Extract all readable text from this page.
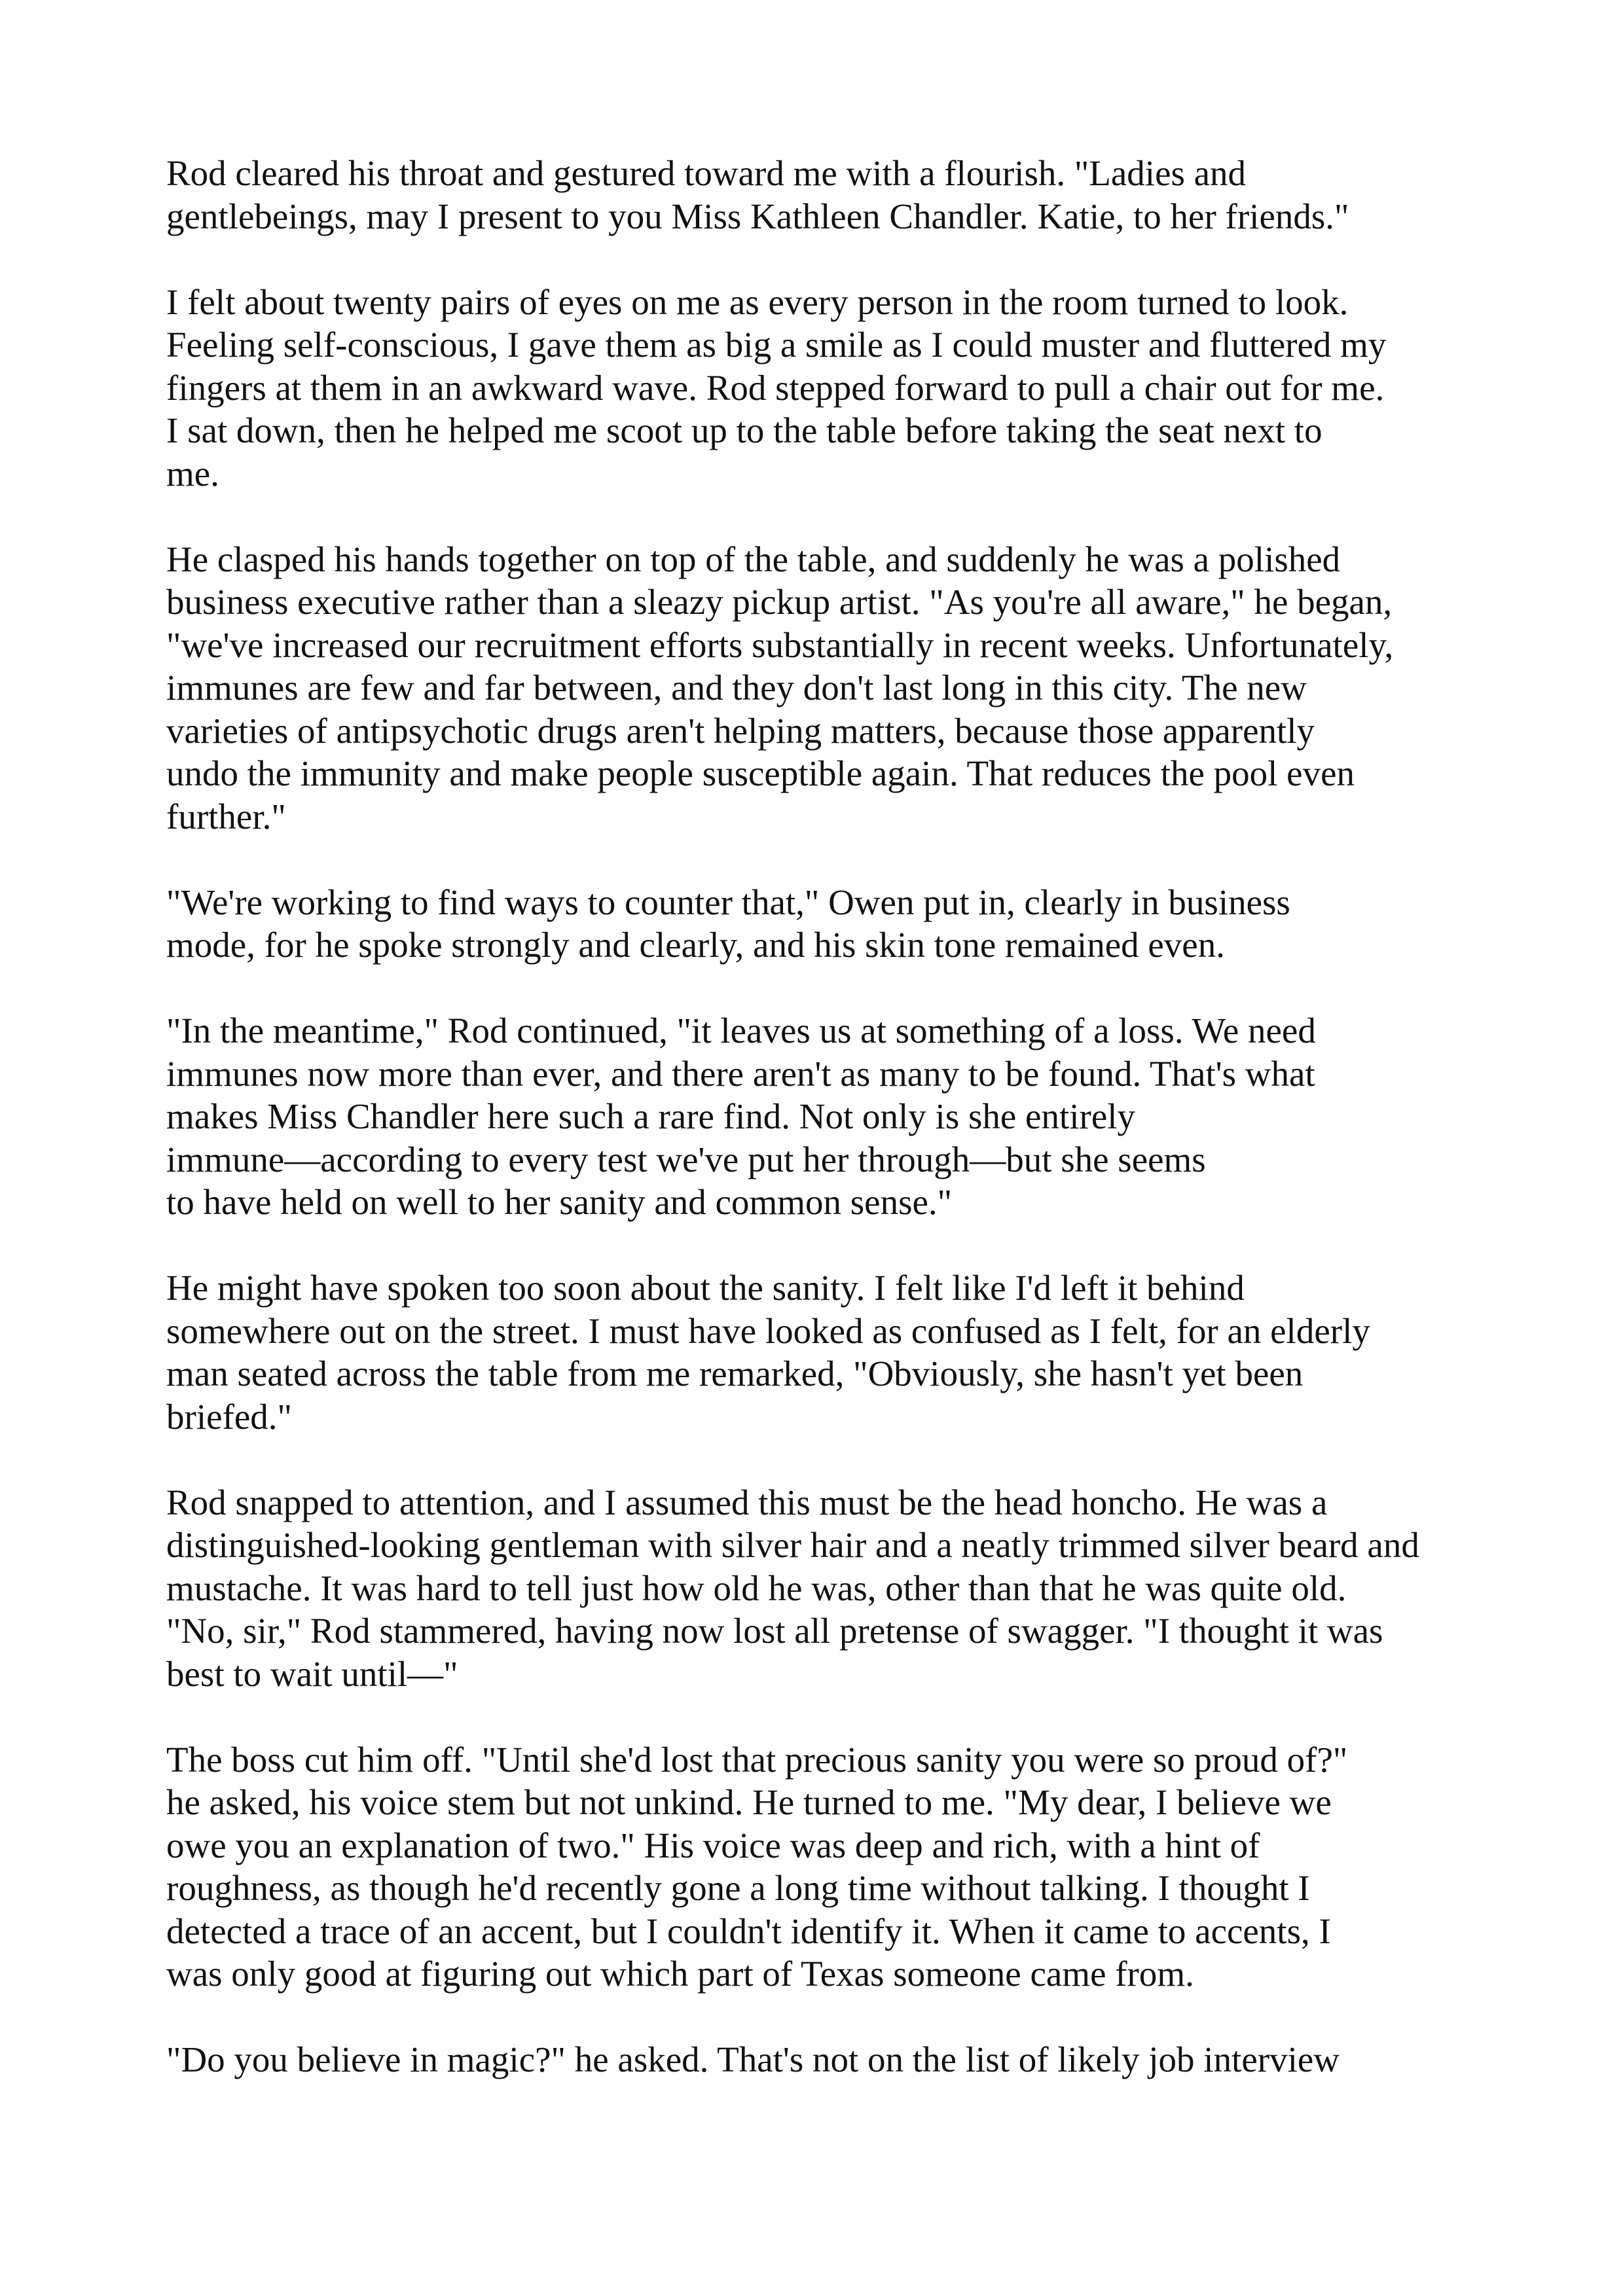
Rod cleared his throat and gestured toward me with a flourish. "Ladies and
gentlebeings, may I present to you Miss Kathleen Chandler. Katie, to her friends."

I felt about twenty pairs of eyes on me as every person in the room turned to look.
Feeling self-conscious, I gave them as big a smile as I could muster and fluttered my
fingers at them in an awkward wave. Rod stepped forward to pull a chair out for me.
I sat down, then he helped me scoot up to the table before taking the seat next to
me.

He clasped his hands together on top of the table, and suddenly he was a polished
business executive rather than a sleazy pickup artist. "As you're all aware," he began,
"we've increased our recruitment efforts substantially in recent weeks. Unfortunately,
immunes are few and far between, and they don't last long in this city. The new
varieties of antipsychotic drugs aren't helping matters, because those apparently
undo the immunity and make people susceptible again. That reduces the pool even
further."

"We're working to find ways to counter that," Owen put in, clearly in business
mode, for he spoke strongly and clearly, and his skin tone remained even.

"In the meantime," Rod continued, "it leaves us at something of a loss. We need
immunes now more than ever, and there aren't as many to be found. That's what
makes Miss Chandler here such a rare find. Not only is she entirely
immune—according to every test we've put her through—but she seems
to have held on well to her sanity and common sense."

He might have spoken too soon about the sanity. I felt like I'd left it behind
somewhere out on the street. I must have looked as confused as I felt, for an elderly
man seated across the table from me remarked, "Obviously, she hasn't yet been
briefed."

Rod snapped to attention, and I assumed this must be the head honcho. He was a
distinguished-looking gentleman with silver hair and a neatly trimmed silver beard and
mustache. It was hard to tell just how old he was, other than that he was quite old.
"No, sir," Rod stammered, having now lost all pretense of swagger. "I thought it was
best to wait until—"

The boss cut him off. "Until she'd lost that precious sanity you were so proud of?"
he asked, his voice stem but not unkind. He turned to me. "My dear, I believe we
owe you an explanation of two." His voice was deep and rich, with a hint of
roughness, as though he'd recently gone a long time without talking. I thought I
detected a trace of an accent, but I couldn't identify it. When it came to accents, I
was only good at figuring out which part of Texas someone came from.

"Do you believe in magic?" he asked. That's not on the list of likely job interview
